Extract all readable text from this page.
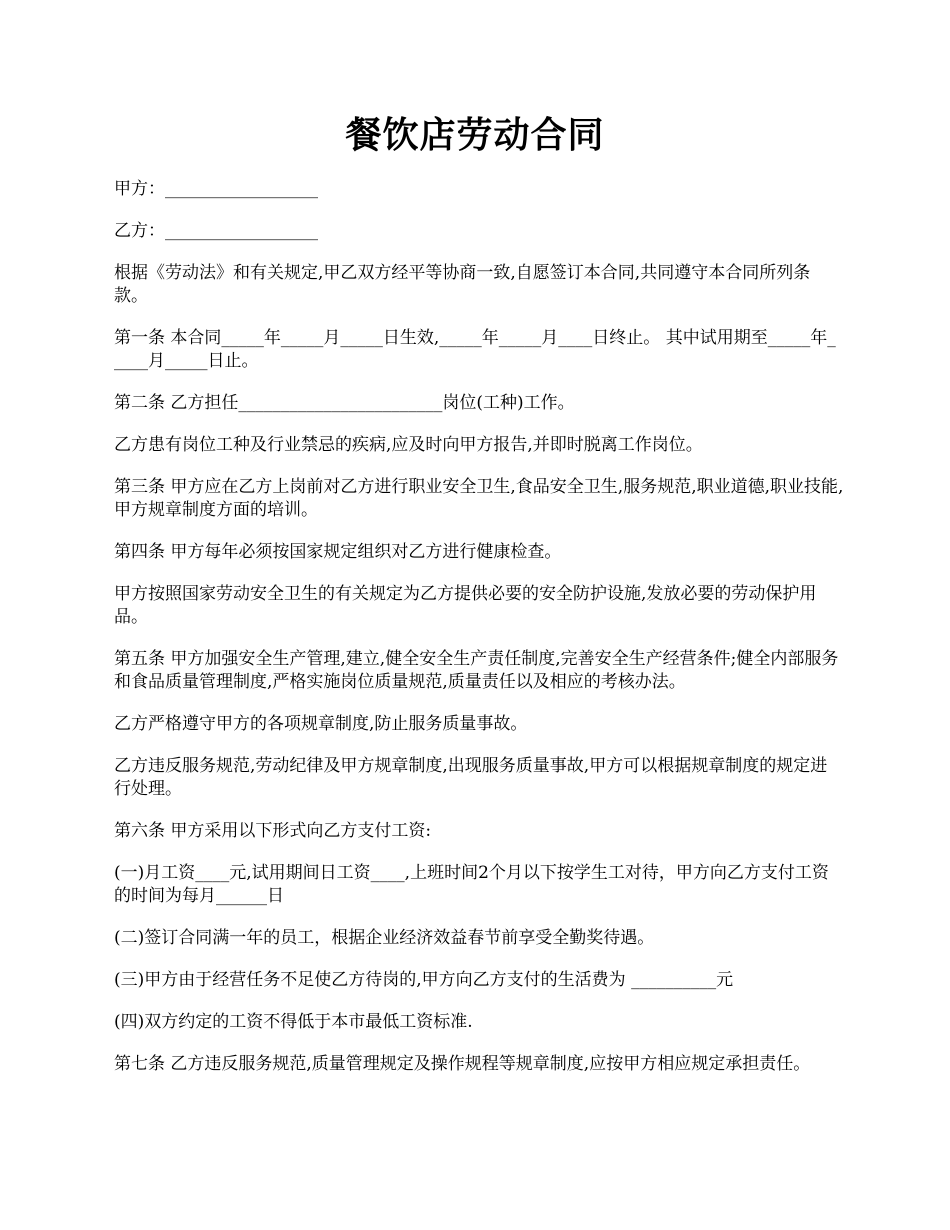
餐饮店劳动合同

甲方：__________________

乙方：__________________

根据《劳动法》和有关规定,甲乙双方经平等协商一致,自愿签订本合同,共同遵守本合同所列条款。

第一条 本合同_____年_____月_____日生效,_____年_____月____日终止。 其中试用期至_____年_____月_____日止。

第二条 乙方担任________________________岗位(工种)工作。

乙方患有岗位工种及行业禁忌的疾病,应及时向甲方报告,并即时脱离工作岗位。

第三条 甲方应在乙方上岗前对乙方进行职业安全卫生,食品安全卫生,服务规范,职业道德,职业技能,甲方规章制度方面的培训。

第四条 甲方每年必须按国家规定组织对乙方进行健康检查。

甲方按照国家劳动安全卫生的有关规定为乙方提供必要的安全防护设施,发放必要的劳动保护用品。

第五条 甲方加强安全生产管理,建立,健全安全生产责任制度,完善安全生产经营条件;健全内部服务和食品质量管理制度,严格实施岗位质量规范,质量责任以及相应的考核办法。

乙方严格遵守甲方的各项规章制度,防止服务质量事故。

乙方违反服务规范,劳动纪律及甲方规章制度,出现服务质量事故,甲方可以根据规章制度的规定进行处理。

第六条 甲方采用以下形式向乙方支付工资:

(一)月工资____元,试用期间日工资____,上班时间2个月以下按学生工对待，甲方向乙方支付工资的时间为每月______日

(二)签订合同满一年的员工，根据企业经济效益春节前享受全勤奖待遇。

(三)甲方由于经营任务不足使乙方待岗的,甲方向乙方支付的生活费为 __________元

(四)双方约定的工资不得低于本市最低工资标准.

第七条 乙方违反服务规范,质量管理规定及操作规程等规章制度,应按甲方相应规定承担责任。
